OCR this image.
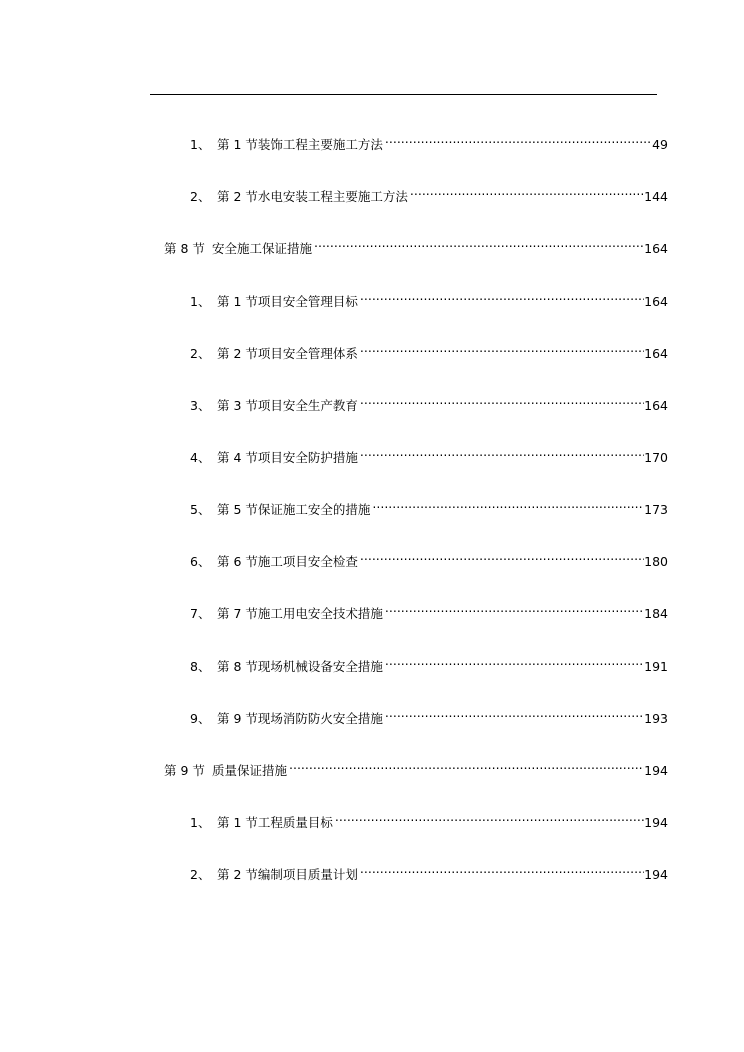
1、 第 1 节装饰工程主要施工方法 .....	49
2、 第 2 节水电安装工程主要施工方法 .....	144
第 8 节 安全施工保证措施 .....	164
1、 第 1 节项目安全管理目标 .....	164
2、 第 2 节项目安全管理体系 .....	164
3、 第 3 节项目安全生产教育 .....	164
4、 第 4 节项目安全防护措施 .....	170
5、 第 5 节保证施工安全的措施 .....	173
6、 第 6 节施工项目安全检查 .....	180
7、 第 7 节施工用电安全技术措施 .....	184
8、 第 8 节现场机械设备安全措施 .....	191
9、 第 9 节现场消防防火安全措施 .....	193
第 9 节 质量保证措施 .....	194
1、 第 1 节工程质量目标 .....	194
2、 第 2 节编制项目质量计划 .....	194
